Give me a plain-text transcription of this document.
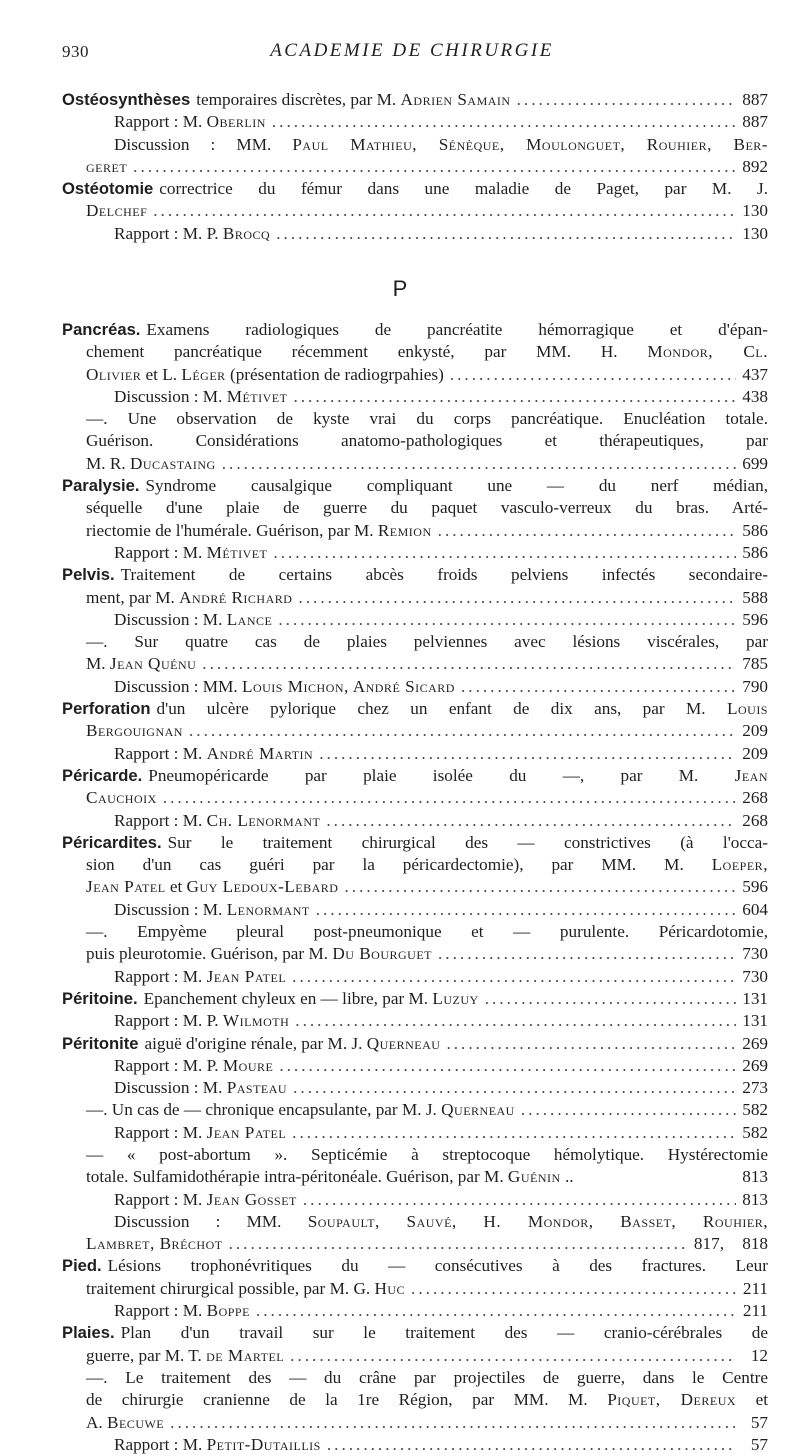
930	ACADEMIE DE CHIRURGIE
Ostéosynthèses temporaires discrètes, par M. Adrien Samain .....	887
Rapport : M. Oberlin .....	887
Discussion : MM. Paul Mathieu, Sénèque, Moulonguet, Rouhier, Ber-
geret .....	892
Ostéotomie correctrice du fémur dans une maladie de Paget, par M. J.
Delchef .....	130
Rapport : M. P. Brocq .....	130
P
Pancréas. Examens radiologiques de pancréatite hémorragique et d'épan-
chement pancréatique récemment enkysté, par MM. H. Mondor, Cl.
Olivier et L. Léger (présentation de radiogrpahies) .....	437
Discussion : M. Métivet .....	438
—. Une observation de kyste vrai du corps pancréatique. Enucléation totale.
Guérison. Considérations anatomo-pathologiques et thérapeutiques, par
M. R. Ducastaing .....	699
Paralysie. Syndrome causalgique compliquant une — du nerf médian,
séquelle d'une plaie de guerre du paquet vasculo-verreux du bras. Arté-
riectomie de l'humérale. Guérison, par M. Remion .....	586
Rapport : M. Métivet .....	586
Pelvis. Traitement de certains abcès froids pelviens infectés secondaire-
ment, par M. André Richard .....	588
Discussion : M. Lance .....	596
—. Sur quatre cas de plaies pelviennes avec lésions viscérales, par
M. Jean Quénu .....	785
Discussion : MM. Louis Michon, André Sicard .....	790
Perforation d'un ulcère pylorique chez un enfant de dix ans, par M. Louis
Bergouignan .....	209
Rapport : M. André Martin .....	209
Péricarde. Pneumopéricarde par plaie isolée du —, par M. Jean
Cauchoix .....	268
Rapport : M. Ch. Lenormant .....	268
Péricardites. Sur le traitement chirurgical des — constrictives (à l'occa-
sion d'un cas guéri par la péricardectomie), par MM. M. Loeper,
Jean Patel et Guy Ledoux-Lebard .....	596
Discussion : M. Lenormant .....	604
—. Empyème pleural post-pneumonique et — purulente. Péricardotomie,
puis pleurotomie. Guérison, par M. Du Bourguet .....	730
Rapport : M. Jean Patel .....	730
Péritoine. Epanchement chyleux en — libre, par M. Luzuy .....	131
Rapport : M. P. Wilmoth .....	131
Péritonite aiguë d'origine rénale, par M. J. Querneau .....	269
Rapport : M. P. Moure .....	269
Discussion : M. Pasteau .....	273
—. Un cas de — chronique encapsulante, par M. J. Querneau .....	582
Rapport : M. Jean Patel .....	582
— « post-abortum ». Septicémie à streptocoque hémolytique. Hystérectomie
totale. Sulfamidothérapie intra-péritonéale. Guérison, par M. Guénin ..	813
Rapport : M. Jean Gosset .....	813
Discussion : MM. Soupault, Sauvé, H. Mondor, Basset, Rouhier,
Lambret, Bréchot .....	817, 818
Pied. Lésions trophonévritiques du — consécutives à des fractures. Leur
traitement chirurgical possible, par M. G. Huc .....	211
Rapport : M. Boppe .....	211
Plaies. Plan d'un travail sur le traitement des — cranio-cérébrales de
guerre, par M. T. de Martel .....	12
—. Le traitement des — du crâne par projectiles de guerre, dans le Centre
de chirurgie cranienne de la 1re Région, par MM. M. Piquet, Dereux et
A. Becuwe .....	57
Rapport : M. Petit-Dutaillis .....	57
